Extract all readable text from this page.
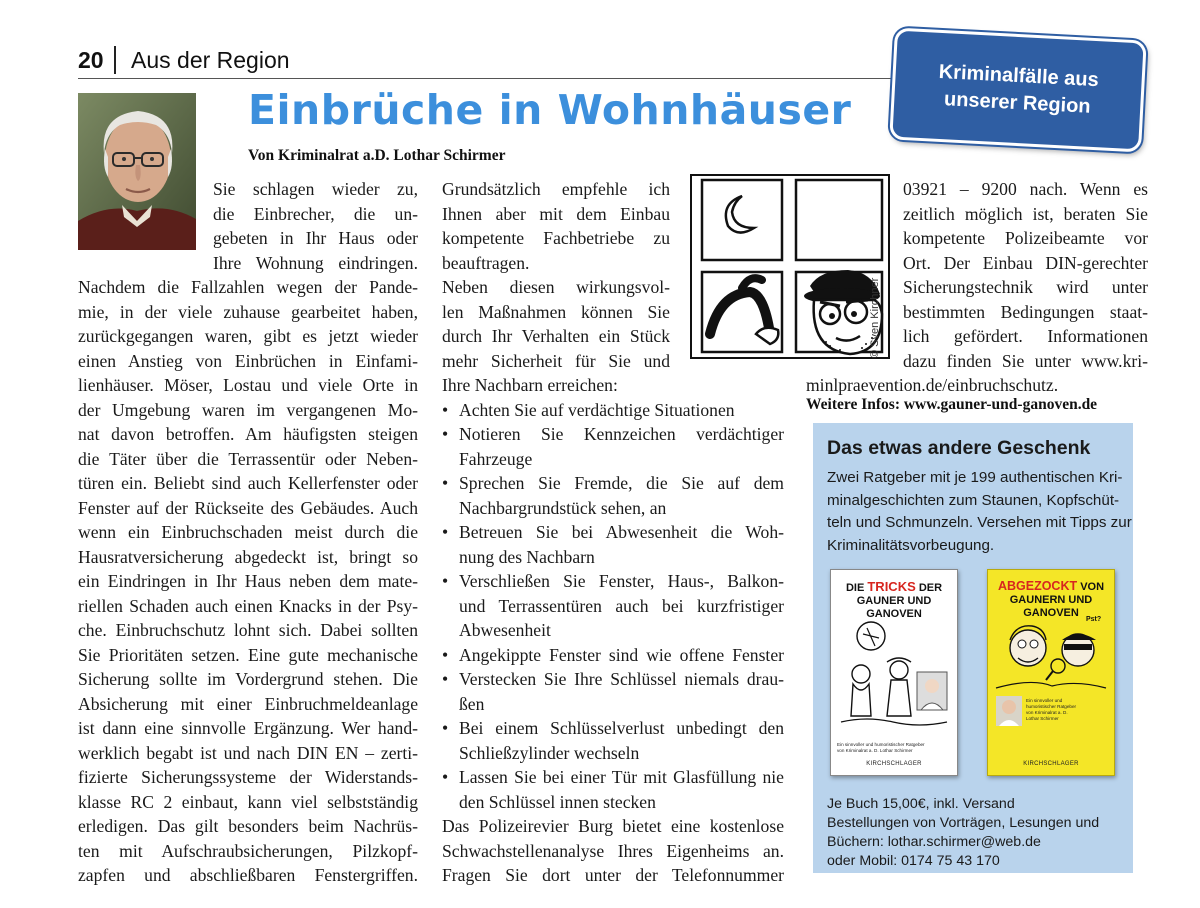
20 Aus der Region
Kriminalfälle aus
unserer Region
Einbrüche in Wohnhäuser
Von Kriminalrat a.D. Lothar Schirmer
Sie schlagen wieder zu,
die Einbrecher, die un-
gebeten in Ihr Haus oder
Ihre Wohnung eindringen.
Nachdem die Fallzahlen wegen der Pande-
mie, in der viele zuhause gearbeitet haben,
zurückgegangen waren, gibt es jetzt wieder
einen Anstieg von Einbrüchen in Einfami-
lienhäuser. Möser, Lostau und viele Orte in
der Umgebung waren im vergangenen Mo-
nat davon betroffen. Am häufigsten steigen
die Täter über die Terrassentür oder Neben-
türen ein. Beliebt sind auch Kellerfenster oder
Fenster auf der Rückseite des Gebäudes. Auch
wenn ein Einbruchschaden meist durch die
Hausratversicherung abgedeckt ist, bringt so
ein Eindringen in Ihr Haus neben dem mate-
riellen Schaden auch einen Knacks in der Psy-
che. Einbruchschutz lohnt sich. Dabei sollten
Sie Prioritäten setzen. Eine gute mechanische
Sicherung sollte im Vordergrund stehen. Die
Absicherung mit einer Einbruchmeldeanlage
ist dann eine sinnvolle Ergänzung. Wer hand-
werklich begabt ist und nach DIN EN – zerti-
fizierte Sicherungssysteme der Widerstands-
klasse RC 2 einbaut, kann viel selbstständig
erledigen. Das gilt besonders beim Nachrüs-
ten mit Aufschraubsicherungen, Pilzkopf-
zapfen und abschließbaren Fenstergriffen.
Grundsätzlich empfehle ich
Ihnen aber mit dem Einbau
kompetente Fachbetriebe zu
beauftragen.
Neben diesen wirkungsvol-
len Maßnahmen können Sie
durch Ihr Verhalten ein Stück
mehr Sicherheit für Sie und
Ihre Nachbarn erreichen:
• Achten Sie auf verdächtige Situationen
• Notieren Sie Kennzeichen verdächtiger
Fahrzeuge
• Sprechen Sie Fremde, die Sie auf dem
Nachbargrundstück sehen, an
• Betreuen Sie bei Abwesenheit die Woh-
nung des Nachbarn
• Verschließen Sie Fenster, Haus-, Balkon-
und Terrassentüren auch bei kurzfristiger
Abwesenheit
• Angekippte Fenster sind wie offene Fenster
• Verstecken Sie Ihre Schlüssel niemals drau-
ßen
• Bei einem Schlüsselverlust unbedingt den
Schließzylinder wechseln
• Lassen Sie bei einer Tür mit Glasfüllung nie
den Schlüssel innen stecken
Das Polizeirevier Burg bietet eine kostenlose
Schwachstellenanalyse Ihres Eigenheims an.
Fragen Sie dort unter der Telefonnummer
© Sven Kirchner
03921 – 9200 nach. Wenn es
zeitlich möglich ist, beraten Sie
kompetente Polizeibeamte vor
Ort. Der Einbau DIN-gerechter
Sicherungstechnik wird unter
bestimmten Bedingungen staat-
lich gefördert. Informationen
dazu finden Sie unter www.kri-
minlpraevention.de/einbruchschutz.
Weitere Infos: www.gauner-und-ganoven.de
Das etwas andere Geschenk
Zwei Ratgeber mit je 199 authentischen Kri-
minalgeschichten zum Staunen, Kopfschüt-
teln und Schmunzeln. Versehen mit Tipps zur
Kriminalitätsvorbeugung.
DIE TRICKS DER
GAUNER UND GANOVEN
Ein sinnvoller und humoristischer Ratgeber
von Kriminalrat a. D. Lothar Schirmer
KIRCHSCHLAGER
ABGEZOCKT VON
GAUNERN UND GANOVEN
Pst?
Ein sinnvoller und
humoristischer Ratgeber
von Kriminalrat a. D.
Lothar Schirmer
KIRCHSCHLAGER
Je Buch 15,00€, inkl. Versand
Bestellungen von Vorträgen, Lesungen und
Büchern: lothar.schirmer@web.de
oder Mobil: 0174 75 43 170
